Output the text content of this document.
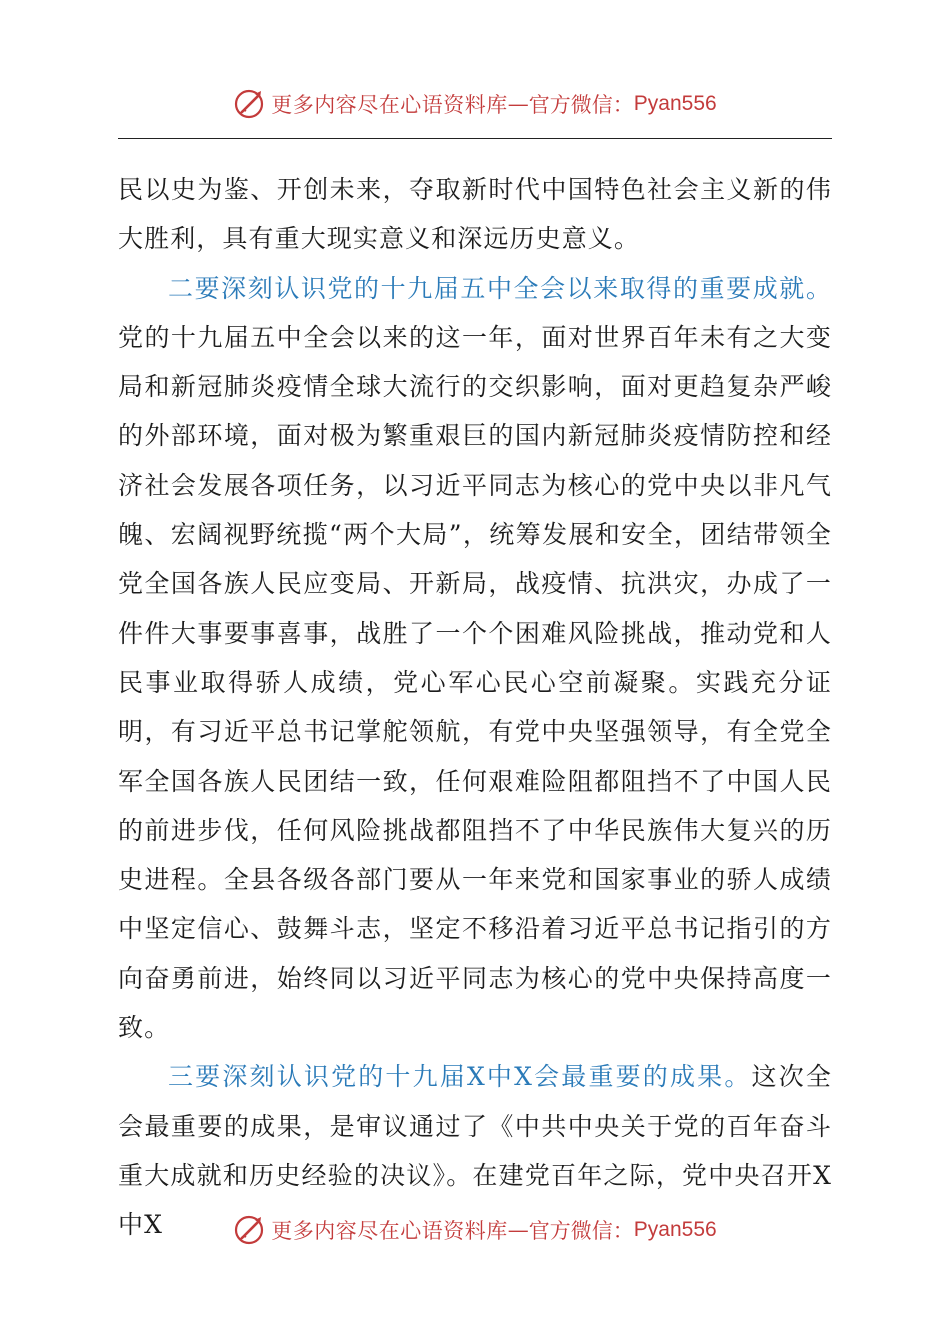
更多内容尽在心语资料库 — 官方微信： Pyan556

民以史为鉴、开创未来，夺取新时代中国特色社会主义新的伟大胜利，具有重大现实意义和深远历史意义。

二要深刻认识党的十九届五中全会以来取得的重要成就。党的十九届五中全会以来的这一年，面对世界百年未有之大变局和新冠肺炎疫情全球大流行的交织影响，面对更趋复杂严峻的外部环境，面对极为繁重艰巨的国内新冠肺炎疫情防控和经济社会发展各项任务，以习近平同志为核心的党中央以非凡气魄、宏阔视野统揽“两个大局”，统筹发展和安全，团结带领全党全国各族人民应变局、开新局，战疫情、抗洪灾，办成了一件件大事要事喜事，战胜了一个个困难风险挑战，推动党和人民事业取得骄人成绩，党心军心民心空前凝聚。实践充分证明，有习近平总书记掌舵领航，有党中央坚强领导，有全党全军全国各族人民团结一致，任何艰难险阻都阻挡不了中国人民的前进步伐，任何风险挑战都阻挡不了中华民族伟大复兴的历史进程。全县各级各部门要从一年来党和国家事业的骄人成绩中坚定信心、鼓舞斗志，坚定不移沿着习近平总书记指引的方向奋勇前进，始终同以习近平同志为核心的党中央保持高度一致。

三要深刻认识党的十九届X中X会最重要的成果。这次全会最重要的成果，是审议通过了《中共中央关于党的百年奋斗重大成就和历史经验的决议》。在建党百年之际，党中央召开X中X	更多内容尽在心语资料库 — 官方微信： Pyan556
